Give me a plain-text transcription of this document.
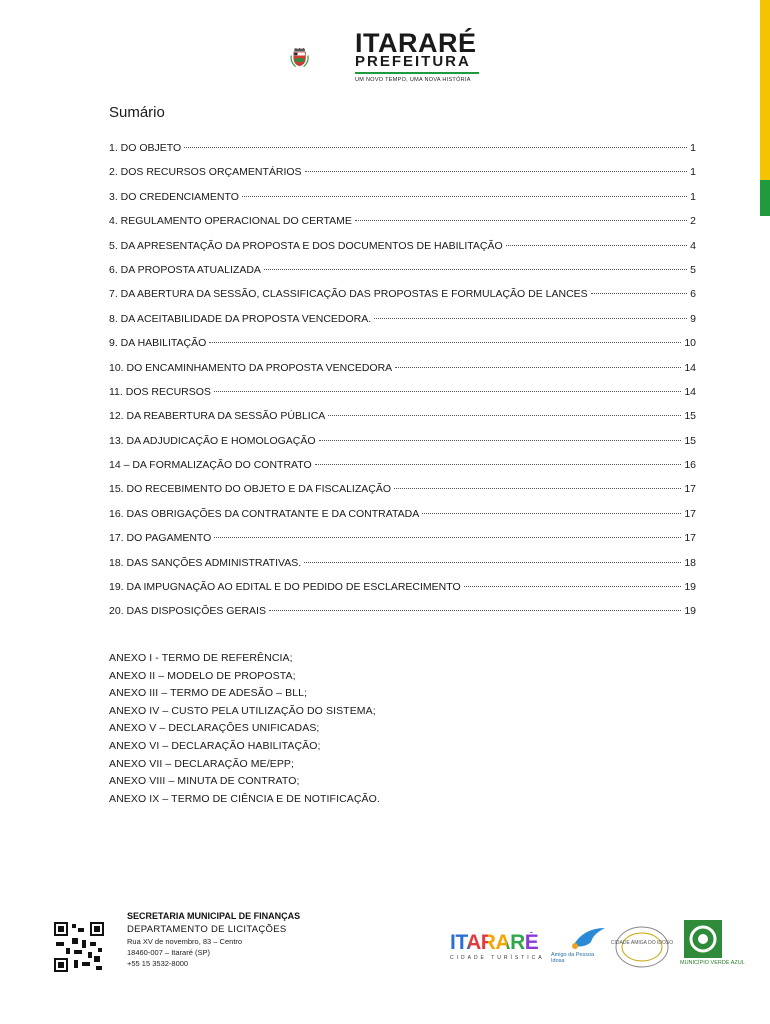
ITARARÉ
PREFEITURA
UM NOVO TEMPO, UMA NOVA HISTÓRIA
Sumário
1. DO OBJETO	1
2. DOS RECURSOS ORÇAMENTÁRIOS	1
3. DO CREDENCIAMENTO	1
4. REGULAMENTO OPERACIONAL DO CERTAME	2
5. DA APRESENTAÇÃO DA PROPOSTA E DOS DOCUMENTOS DE HABILITAÇÃO	4
6. DA PROPOSTA ATUALIZADA	5
7. DA ABERTURA DA SESSÃO, CLASSIFICAÇÃO DAS PROPOSTAS E FORMULAÇÃO DE LANCES	6
8. DA ACEITABILIDADE DA PROPOSTA VENCEDORA.	9
9. DA HABILITAÇÃO	10
10. DO ENCAMINHAMENTO DA PROPOSTA VENCEDORA	14
11. DOS RECURSOS	14
12. DA REABERTURA DA SESSÃO PÚBLICA	15
13. DA ADJUDICAÇÃO E HOMOLOGAÇÃO	15
14 – DA FORMALIZAÇÃO DO CONTRATO	16
15. DO RECEBIMENTO DO OBJETO E DA FISCALIZAÇÃO	17
16. DAS OBRIGAÇÕES DA CONTRATANTE E DA CONTRATADA	17
17. DO PAGAMENTO	17
18. DAS SANÇÕES ADMINISTRATIVAS.	18
19. DA IMPUGNAÇÃO AO EDITAL E DO PEDIDO DE ESCLARECIMENTO	19
20. DAS DISPOSIÇÕES GERAIS	19
ANEXO I - TERMO DE REFERÊNCIA;
ANEXO II – MODELO DE PROPOSTA;
ANEXO III – TERMO DE ADESÃO – BLL;
ANEXO IV – CUSTO PELA UTILIZAÇÃO DO SISTEMA;
ANEXO V – DECLARAÇÕES UNIFICADAS;
ANEXO VI – DECLARAÇÃO HABILITAÇÃO;
ANEXO VII – DECLARAÇÃO ME/EPP;
ANEXO VIII – MINUTA DE CONTRATO;
ANEXO IX – TERMO DE CIÊNCIA E DE NOTIFICAÇÃO.
SECRETARIA MUNICIPAL DE FINANÇAS
DEPARTAMENTO DE LICITAÇÕES
Rua XV de novembro, 83 – Centro
18460-007 – Itararé (SP)
+55 15 3532-8000
ITARARÉ
CIDADE TURÍSTICA Amigo da Pessoa Idosa
CIDADE AMIGA DO IDOSO
MUNICÍPIO VERDE AZUL
